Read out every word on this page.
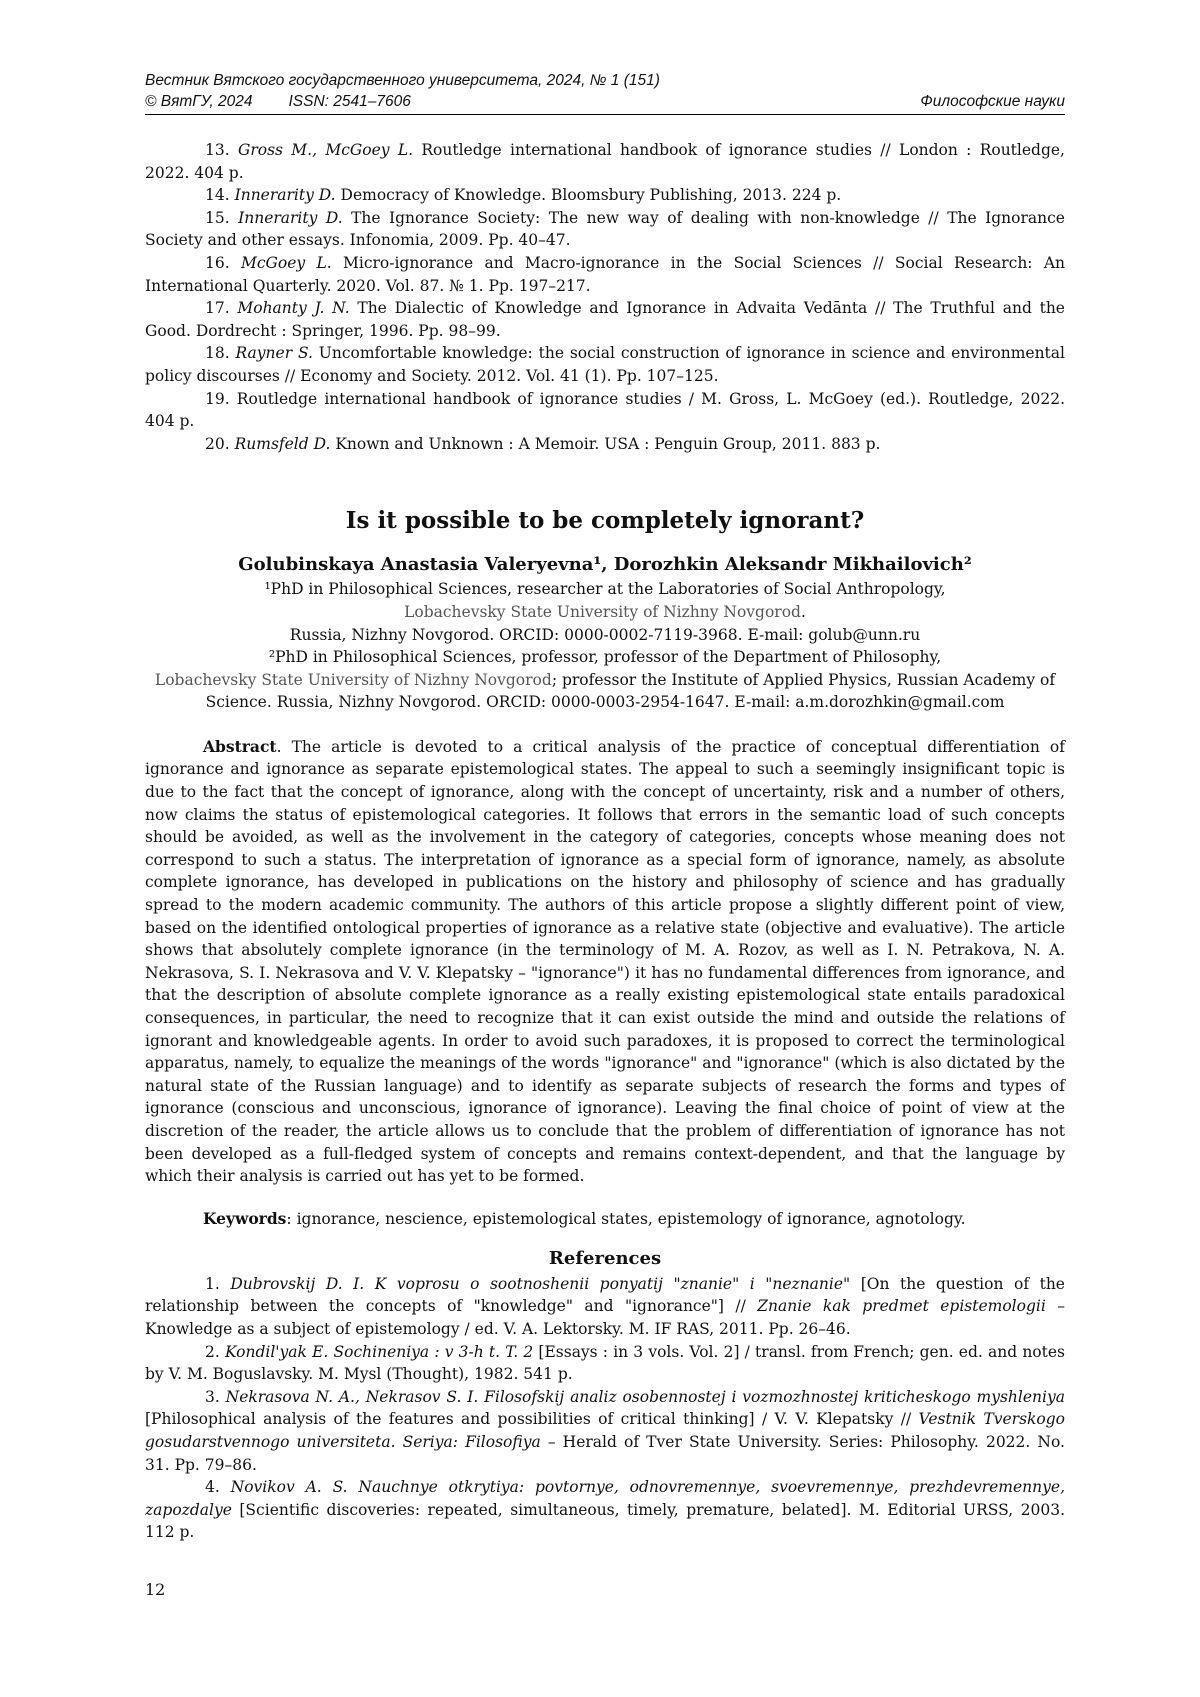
Вестник Вятского государственного университета, 2024, № 1 (151)
© ВятГУ, 2024 ISSN: 2541–7606	Философские науки

13. Gross M., McGoey L. Routledge international handbook of ignorance studies // London : Routledge, 2022. 404 p.

14. Innerarity D. Democracy of Knowledge. Bloomsbury Publishing, 2013. 224 p.

15. Innerarity D. The Ignorance Society: The new way of dealing with non-knowledge // The Ignorance Society and other essays. Infonomia, 2009. Pp. 40–47.

16. McGoey L. Micro-ignorance and Macro-ignorance in the Social Sciences // Social Research: An International Quarterly. 2020. Vol. 87. № 1. Pp. 197–217.

17. Mohanty J. N. The Dialectic of Knowledge and Ignorance in Advaita Vedānta // The Truthful and the Good. Dordrecht : Springer, 1996. Pp. 98–99.

18. Rayner S. Uncomfortable knowledge: the social construction of ignorance in science and environmental policy discourses // Economy and Society. 2012. Vol. 41 (1). Pp. 107–125.

19. Routledge international handbook of ignorance studies / M. Gross, L. McGoey (ed.). Routledge, 2022. 404 p.

20. Rumsfeld D. Known and Unknown : A Memoir. USA : Penguin Group, 2011. 883 p.

Is it possible to be completely ignorant?
Golubinskaya Anastasia Valeryevna¹, Dorozhkin Aleksandr Mikhailovich²
¹PhD in Philosophical Sciences, researcher at the Laboratories of Social Anthropology,
Lobachevsky State University of Nizhny Novgorod.
Russia, Nizhny Novgorod. ORCID: 0000-0002-7119-3968. E-mail: golub@unn.ru
²PhD in Philosophical Sciences, professor, professor of the Department of Philosophy,
Lobachevsky State University of Nizhny Novgorod; professor the Institute of Applied Physics, Russian Academy of Science. Russia, Nizhny Novgorod. ORCID: 0000-0003-2954-1647. E-mail: a.m.dorozhkin@gmail.com
Abstract. The article is devoted to a critical analysis of the practice of conceptual differentiation of ignorance and ignorance as separate epistemological states. The appeal to such a seemingly insignificant topic is due to the fact that the concept of ignorance, along with the concept of uncertainty, risk and a number of others, now claims the status of epistemological categories. It follows that errors in the semantic load of such concepts should be avoided, as well as the involvement in the category of categories, concepts whose meaning does not correspond to such a status. The interpretation of ignorance as a special form of ignorance, namely, as absolute complete ignorance, has developed in publications on the history and philosophy of science and has gradually spread to the modern academic community. The authors of this article propose a slightly different point of view, based on the identified ontological properties of ignorance as a relative state (objective and evaluative). The article shows that absolutely complete ignorance (in the terminology of M. A. Rozov, as well as I. N. Petrakova, N. A. Nekrasova, S. I. Nekrasova and V. V. Klepatsky – "ignorance") it has no fundamental differences from ignorance, and that the description of absolute complete ignorance as a really existing epistemological state entails paradoxical consequences, in particular, the need to recognize that it can exist outside the mind and outside the relations of ignorant and knowledgeable agents. In order to avoid such paradoxes, it is proposed to correct the terminological apparatus, namely, to equalize the meanings of the words "ignorance" and "ignorance" (which is also dictated by the natural state of the Russian language) and to identify as separate subjects of research the forms and types of ignorance (conscious and unconscious, ignorance of ignorance). Leaving the final choice of point of view at the discretion of the reader, the article allows us to conclude that the problem of differentiation of ignorance has not been developed as a full-fledged system of concepts and remains context-dependent, and that the language by which their analysis is carried out has yet to be formed.
Keywords: ignorance, nescience, epistemological states, epistemology of ignorance, agnotology.
References

1. Dubrovskij D. I. K voprosu o sootnoshenii ponyatij "znanie" i "neznanie" [On the question of the relationship between the concepts of "knowledge" and "ignorance"] // Znanie kak predmet epistemologii – Knowledge as a subject of epistemology / ed. V. A. Lektorsky. M. IF RAS, 2011. Pp. 26–46.

2. Kondil'yak E. Sochineniya : v 3-h t. T. 2 [Essays : in 3 vols. Vol. 2] / transl. from French; gen. ed. and notes by V. M. Boguslavsky. M. Mysl (Thought), 1982. 541 p.

3. Nekrasova N. A., Nekrasov S. I. Filosofskij analiz osobennostej i vozmozhnostej kriticheskogo myshleniya [Philosophical analysis of the features and possibilities of critical thinking] / V. V. Klepatsky // Vestnik Tverskogo gosudarstvennogo universiteta. Seriya: Filosofiya – Herald of Tver State University. Series: Philosophy. 2022. No. 31. Pp. 79–86.

4. Novikov A. S. Nauchnye otkrytiya: povtornye, odnovremennye, svoevremennye, prezhdevremennye, zapozdalye [Scientific discoveries: repeated, simultaneous, timely, premature, belated]. M. Editorial URSS, 2003. 112 p.

12
